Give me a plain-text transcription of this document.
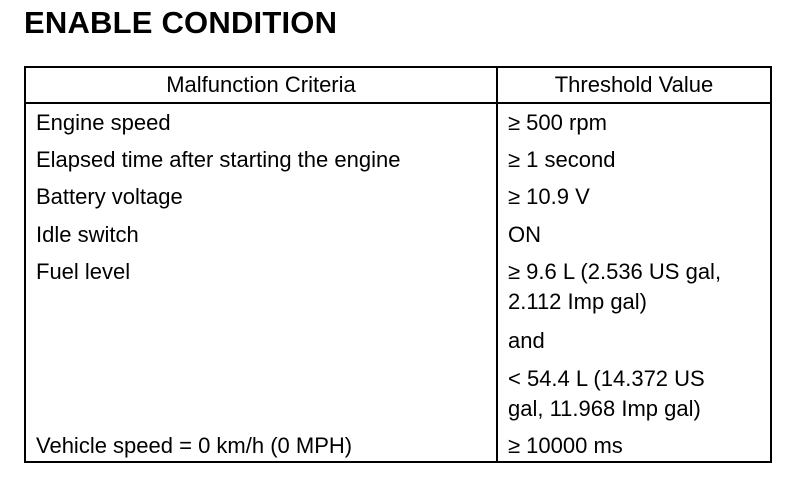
ENABLE CONDITION
Malfunction Criteria	Threshold Value
Engine speed	≥ 500 rpm
Elapsed time after starting the engine	≥ 1 second
Battery voltage	≥ 10.9 V
Idle switch	ON
Fuel level	≥ 9.6 L (2.536 US gal,
2.112 Imp gal)
and
< 54.4 L (14.372 US
gal, 11.968 Imp gal)
Vehicle speed = 0 km/h (0 MPH)	≥ 10000 ms
